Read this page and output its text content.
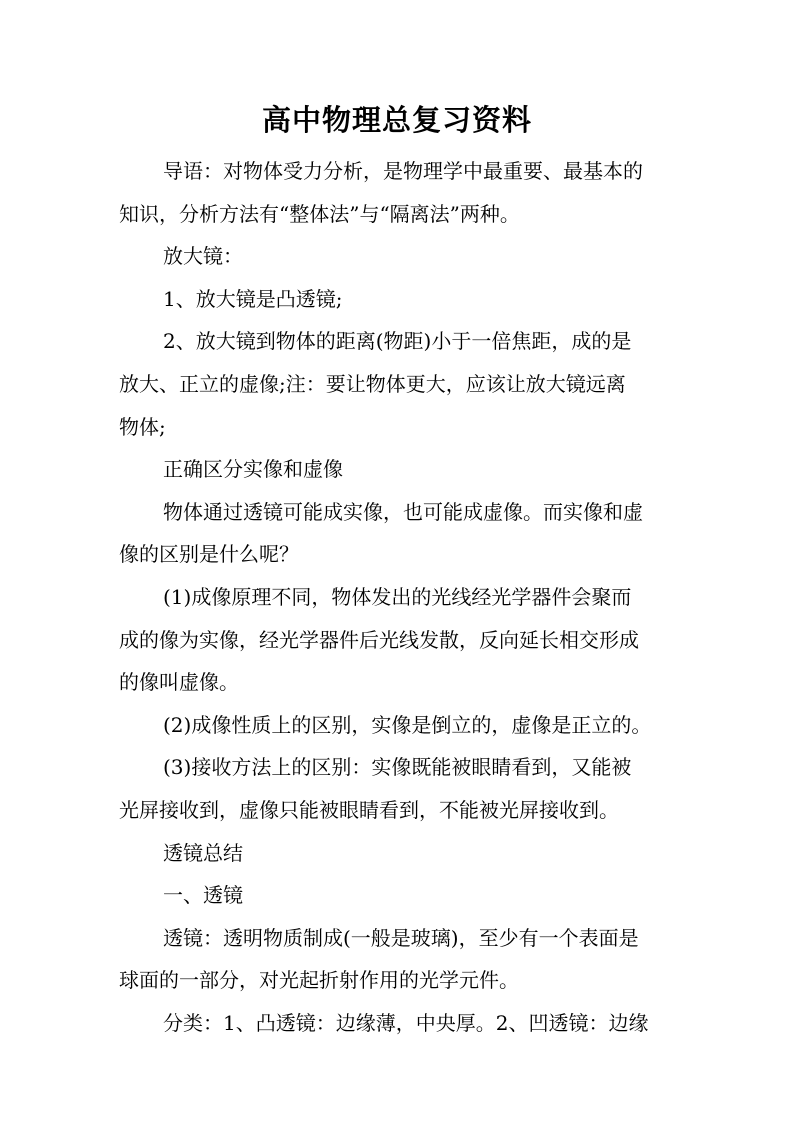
高中物理总复习资料
导语：对物体受力分析，是物理学中最重要、最基本的
知识，分析方法有“整体法”与“隔离法”两种。
放大镜：
1、放大镜是凸透镜;
2、放大镜到物体的距离(物距)小于一倍焦距，成的是
放大、正立的虚像;注：要让物体更大，应该让放大镜远离
物体;
正确区分实像和虚像
物体通过透镜可能成实像，也可能成虚像。而实像和虚
像的区别是什么呢？
(1)成像原理不同，物体发出的光线经光学器件会聚而
成的像为实像，经光学器件后光线发散，反向延长相交形成
的像叫虚像。
(2)成像性质上的区别，实像是倒立的，虚像是正立的。
(3)接收方法上的区别：实像既能被眼睛看到，又能被
光屏接收到，虚像只能被眼睛看到，不能被光屏接收到。
透镜总结
一、透镜
透镜：透明物质制成(一般是玻璃)，至少有一个表面是
球面的一部分，对光起折射作用的光学元件。
分类：1、凸透镜：边缘薄，中央厚。2、凹透镜：边缘
